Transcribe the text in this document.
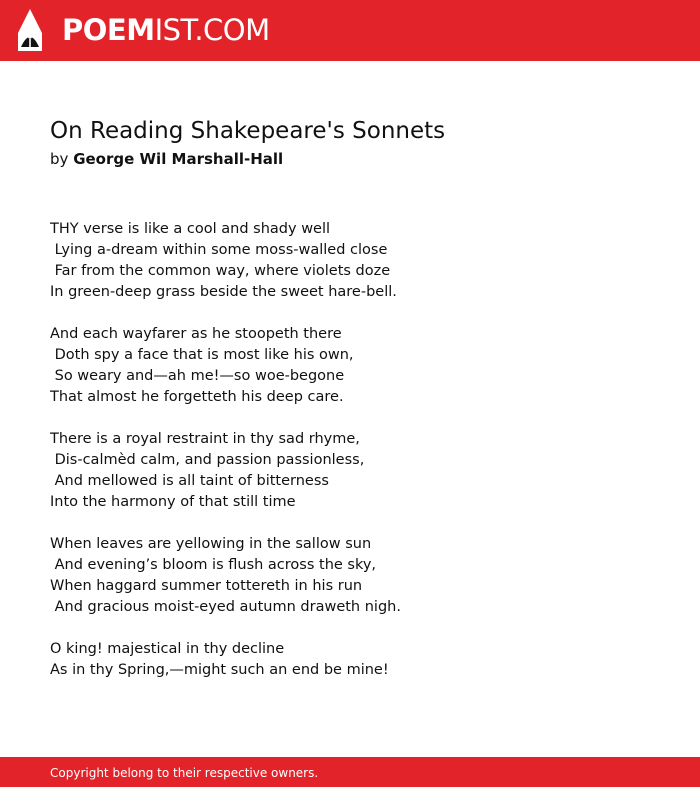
POEMIST.COM
On Reading Shakepeare's Sonnets
by George Wil Marshall-Hall
THY verse is like a cool and shady well
Lying a-dream within some moss-walled close
Far from the common way, where violets doze
In green-deep grass beside the sweet hare-bell.
And each wayfarer as he stoopeth there
Doth spy a face that is most like his own,
So weary and—ah me!—so woe-begone
That almost he forgetteth his deep care.
There is a royal restraint in thy sad rhyme,
Dis-calmèd calm, and passion passionless,
And mellowed is all taint of bitterness
Into the harmony of that still time
When leaves are yellowing in the sallow sun
And evening’s bloom is flush across the sky,
When haggard summer tottereth in his run
And gracious moist-eyed autumn draweth nigh.
O king! majestical in thy decline
As in thy Spring,—might such an end be mine!
Copyright belong to their respective owners.
